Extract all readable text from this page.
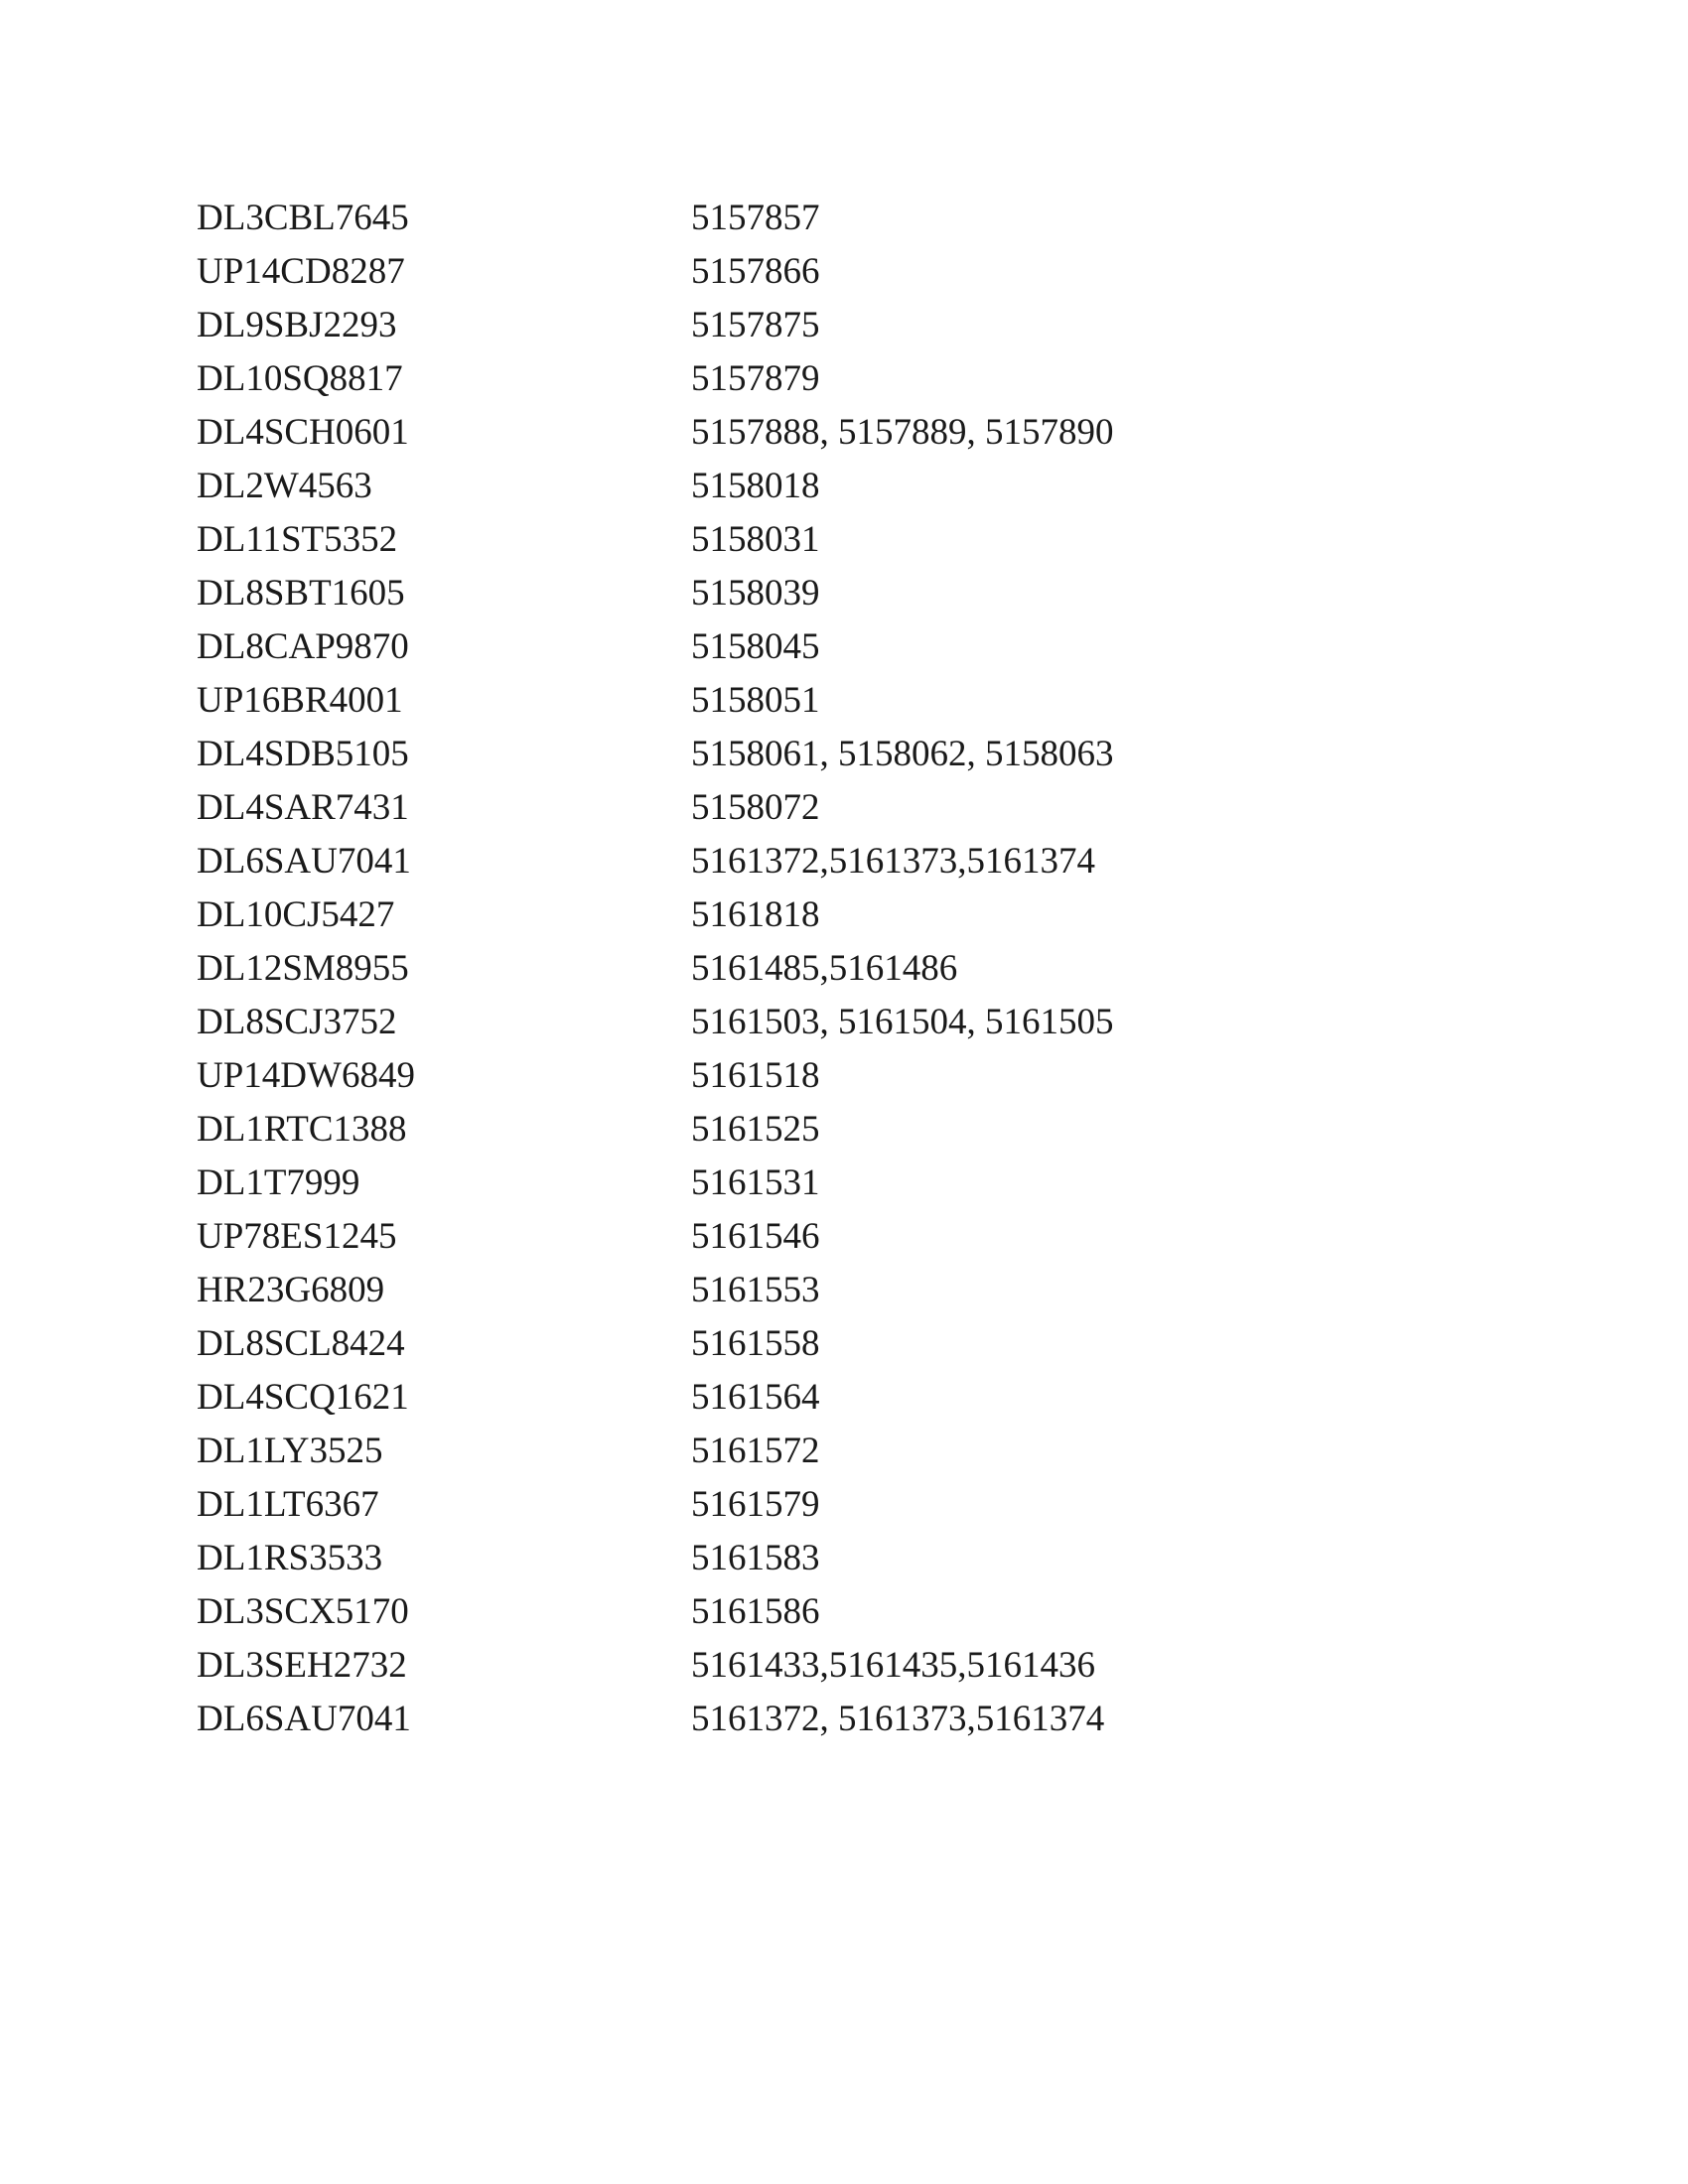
DL3CBL7645	5157857
UP14CD8287	5157866
DL9SBJ2293	5157875
DL10SQ8817	5157879
DL4SCH0601	5157888, 5157889, 5157890
DL2W4563	5158018
DL11ST5352	5158031
DL8SBT1605	5158039
DL8CAP9870	5158045
UP16BR4001	5158051
DL4SDB5105	5158061, 5158062, 5158063
DL4SAR7431	5158072
DL6SAU7041	5161372,5161373,5161374
DL10CJ5427	5161818
DL12SM8955	5161485,5161486
DL8SCJ3752	5161503, 5161504, 5161505
UP14DW6849	5161518
DL1RTC1388	5161525
DL1T7999	5161531
UP78ES1245	5161546
HR23G6809	5161553
DL8SCL8424	5161558
DL4SCQ1621	5161564
DL1LY3525	5161572
DL1LT6367	5161579
DL1RS3533	5161583
DL3SCX5170	5161586
DL3SEH2732	5161433,5161435,5161436
DL6SAU7041	5161372, 5161373,5161374
